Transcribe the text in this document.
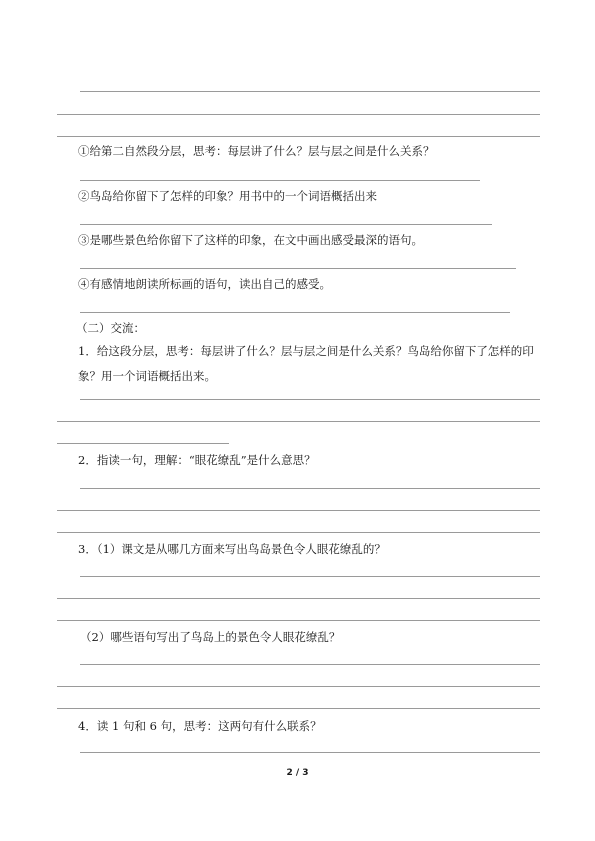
①给第二自然段分层，思考：每层讲了什么？层与层之间是什么关系？
②鸟岛给你留下了怎样的印象？用书中的一个词语概括出来
③是哪些景色给你留下了这样的印象，在文中画出感受最深的语句。
④有感情地朗读所标画的语句，读出自己的感受。
（二）交流：
1．给这段分层，思考：每层讲了什么？层与层之间是什么关系？鸟岛给你留下了怎样的印象？用一个词语概括出来。
2．指读一句，理解：“眼花缭乱”是什么意思？
3．（1）课文是从哪几方面来写出鸟岛景色令人眼花缭乱的？
（2）哪些语句写出了鸟岛上的景色令人眼花缭乱？
4．读 1 句和 6 句，思考：这两句有什么联系？
2 / 3
